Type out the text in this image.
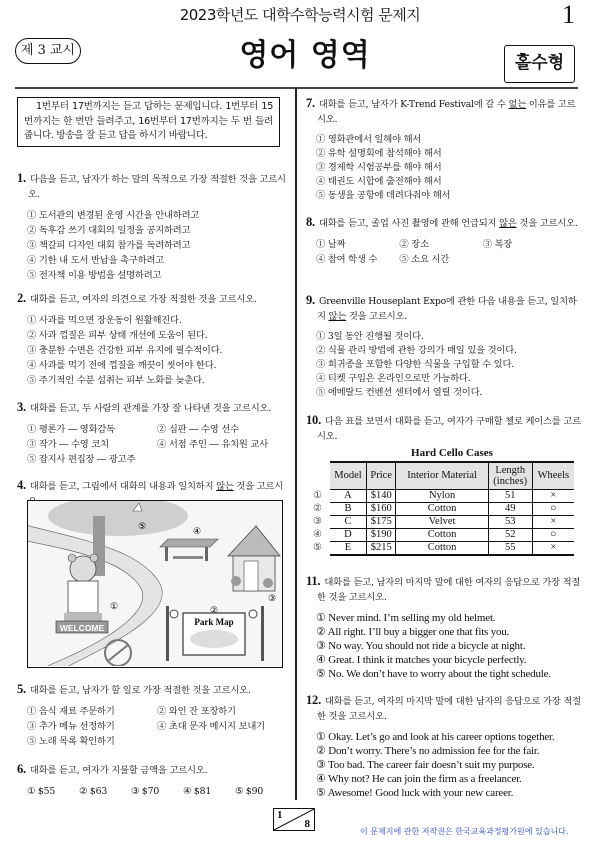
2023학년도 대학수학능력시험 문제지	1
제 3 교시	영어 영역	홀수형
1번부터 17번까지는 듣고 답하는 문제입니다. 1번부터 15번까지는 한 번만 들려주고, 16번부터 17번까지는 두 번 들려줍니다. 방송을 잘 듣고 답을 하시기 바랍니다.
1. 다음을 듣고, 남자가 하는 말의 목적으로 가장 적절한 것을 고르시오.
① 도서관의 변경된 운영 시간을 안내하려고
② 독후감 쓰기 대회의 일정을 공지하려고
③ 책갈피 디자인 대회 참가를 독려하려고
④ 기한 내 도서 반납을 촉구하려고
⑤ 전자책 이용 방법을 설명하려고
2. 대화를 듣고, 여자의 의견으로 가장 적절한 것을 고르시오.
① 사과를 먹으면 장운동이 원활해진다.
② 사과 껍질은 피부 상태 개선에 도움이 된다.
③ 충분한 수면은 건강한 피부 유지에 필수적이다.
④ 사과를 먹기 전에 껍질을 깨끗이 씻어야 한다.
⑤ 주기적인 수분 섭취는 피부 노화를 늦춘다.
3. 대화를 듣고, 두 사람의 관계를 가장 잘 나타낸 것을 고르시오.
① 평론가 ― 영화감독	② 심판 ― 수영 선수
③ 작가 ― 수영 코치	④ 서점 주인 ― 유치원 교사
⑤ 잡지사 편집장 ― 광고주
4. 대화를 듣고, 그림에서 대화의 내용과 일치하지 않는 것을 고르시
⑤	④
③
WELCOME
①
Park Map
②
5. 대화를 듣고, 남자가 할 일로 가장 적절한 것을 고르시오.
① 음식 재료 주문하기	② 와인 잔 포장하기
③ 추가 메뉴 선정하기	④ 초대 문자 메시지 보내기
⑤ 노래 목록 확인하기
6. 대화를 듣고, 여자가 지불할 금액을 고르시오.
① $55	② $63	③ $70	④ $81	⑤ $90
7. 대화를 듣고, 남자가 K-Trend Festival에 갈 수 없는 이유를 고르시오.
① 영화관에서 일해야 해서
② 유학 설명회에 참석해야 해서
③ 경제학 시험공부를 해야 해서
④ 태권도 시합에 출전해야 해서
⑤ 동생을 공항에 데려다줘야 해서
8. 대화를 듣고, 졸업 사진 촬영에 관해 언급되지 않은 것을 고르시오.
① 날짜	② 장소	③ 복장
④ 참여 학생 수	⑤ 소요 시간
9. Greenville Houseplant Expo에 관한 다음 내용을 듣고, 일치하지 않는 것을 고르시오.
① 3일 동안 진행될 것이다.
② 식물 관리 방법에 관한 강의가 매일 있을 것이다.
③ 희귀종을 포함한 다양한 식물을 구입할 수 있다.
④ 티켓 구입은 온라인으로만 가능하다.
⑤ 에메랄드 컨벤션 센터에서 열릴 것이다.
10. 다음 표를 보면서 대화를 듣고, 여자가 구매할 첼로 케이스를 고르시오.
Hard Cello Cases
Model	Price	Interior Material	Length (inches)	Wheels
A	$140	Nylon	51	×
B	$160	Cotton	49	○
C	$175	Velvet	53	×
D	$190	Cotton	52	○
E	$215	Cotton	55	×
①
②
③
④
⑤
11. 대화를 듣고, 남자의 마지막 말에 대한 여자의 응답으로 가장 적절한 것을 고르시오.
① Never mind. I’m selling my old helmet.
② All right. I’ll buy a bigger one that fits you.
③ No way. You should not ride a bicycle at night.
④ Great. I think it matches your bicycle perfectly.
⑤ No. We don’t have to worry about the tight schedule.
12. 대화를 듣고, 여자의 마지막 말에 대한 남자의 응답으로 가장 적절한 것을 고르시오.
① Okay. Let’s go and look at his career options together.
② Don’t worry. There’s no admission fee for the fair.
③ Too bad. The career fair doesn’t suit my purpose.
④ Why not? He can join the firm as a freelancer.
⑤ Awesome! Good luck with your new career.
1
8
이 문제지에 관한 저작권은 한국교육과정평가원에 있습니다.
